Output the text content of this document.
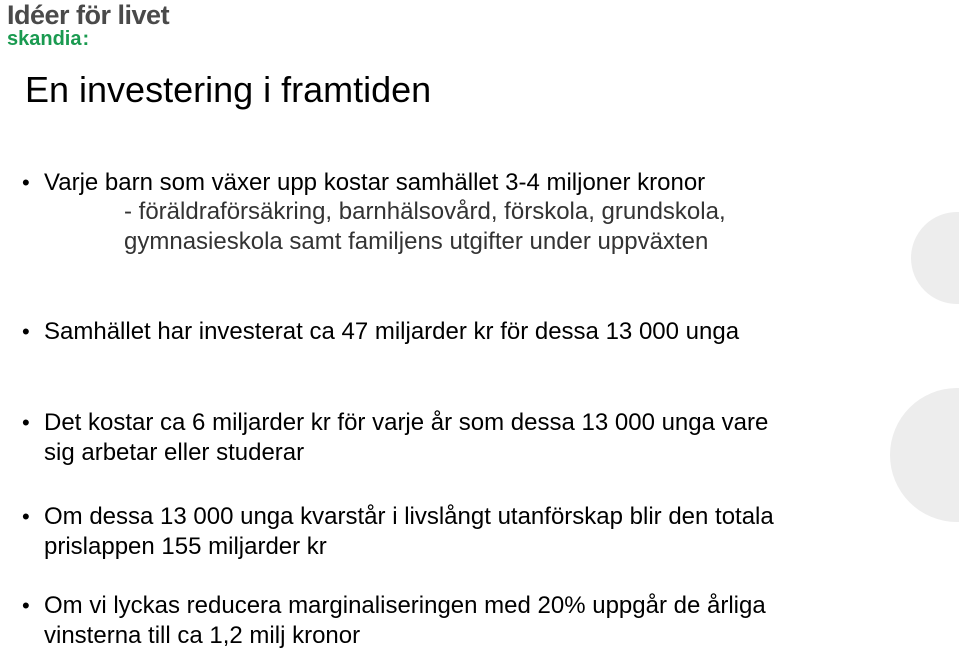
Idéer för livet
skandia:
En investering i framtiden
• Varje barn som växer upp kostar samhället 3-4 miljoner kronor
- föräldraförsäkring, barnhälsovård, förskola, grundskola,
gymnasieskola samt familjens utgifter under uppväxten
• Samhället har investerat ca 47 miljarder kr för dessa 13 000 unga
• Det kostar ca 6 miljarder kr för varje år som dessa 13 000 unga vare
sig arbetar eller studerar
• Om dessa 13 000 unga kvarstår i livslångt utanförskap blir den totala
prislappen 155 miljarder kr
• Om vi lyckas reducera marginaliseringen med 20% uppgår de årliga
vinsterna till ca 1,2 milj kronor
